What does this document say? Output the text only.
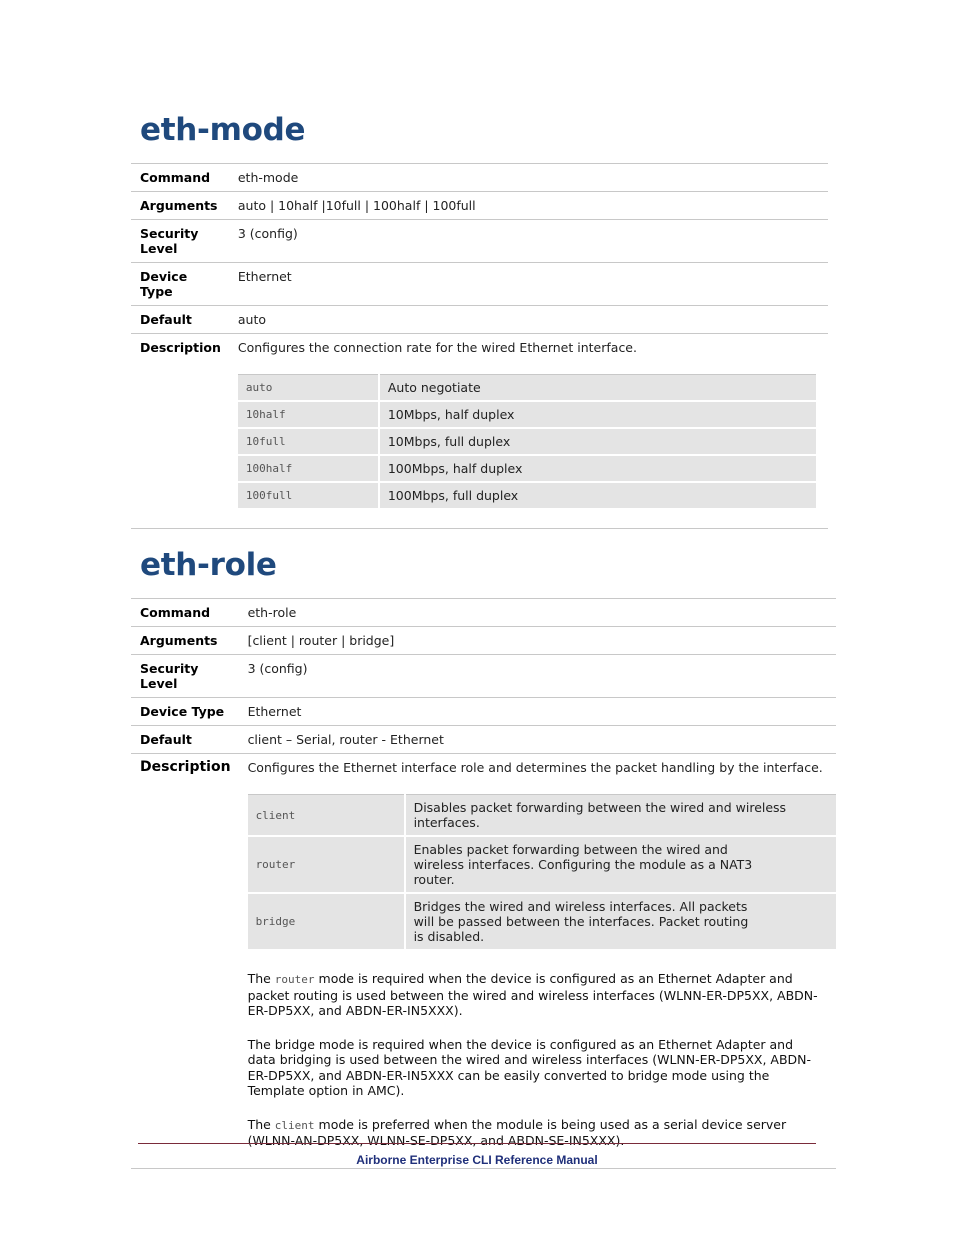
eth-mode
Command	eth-mode
Arguments	auto | 10half |10full | 100half | 100full
Security Level	3 (config)
Device Type	Ethernet
Default	auto
Description	Configures the connection rate for the wired Ethernet interface.
auto	Auto negotiate
10half	10Mbps, half duplex
10full	10Mbps, full duplex
100half	100Mbps, half duplex
100full	100Mbps, full duplex
eth-role
Command	eth-role
Arguments	[client | router | bridge]
Security Level	3 (config)
Device Type	Ethernet
Default	client – Serial, router - Ethernet
Description	Configures the Ethernet interface role and determines the packet handling by the interface.
client	Disables packet forwarding between the wired and wireless interfaces.
router	Enables packet forwarding between the wired and wireless interfaces. Configuring the module as a NAT3 router.
bridge	Bridges the wired and wireless interfaces. All packets will be passed between the interfaces. Packet routing is disabled.

The router mode is required when the device is configured as an Ethernet Adapter and packet routing is used between the wired and wireless interfaces (WLNN-ER-DP5XX, ABDN-ER-DP5XX, and ABDN-ER-IN5XXX).

The bridge mode is required when the device is configured as an Ethernet Adapter and data bridging is used between the wired and wireless interfaces (WLNN-ER-DP5XX, ABDN-ER-DP5XX, and ABDN-ER-IN5XXX can be easily converted to bridge mode using the Template option in AMC).

The client mode is preferred when the module is being used as a serial device server (WLNN-AN-DP5XX, WLNN-SE-DP5XX, and ABDN-SE-IN5XXX).

Airborne Enterprise CLI Reference Manual
